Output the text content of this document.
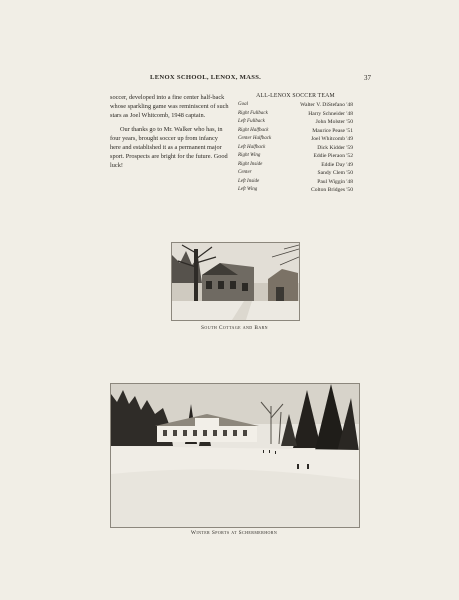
LENOX SCHOOL, LENOX, MASS.	37

soccer, developed into a fine center half-back whose sparkling game was reminiscent of such stars as Joel Whitcomb, 1948 captain.

Our thanks go to Mr. Walker who has, in four years, brought soccer up from infancy here and established it as a permanent major sport. Prospects are bright for the future. Good luck!

ALL-LENOX SOCCER TEAM
Goal	Walter V. DiStefano '48
Right Fullback	Harry Schneider '48
Left Fullback	John Molster '50
Right Halfback	Maurice Pease '51
Center Halfback	Joel Whitcomb '49
Left Halfback	Dick Kidder '59
Right Wing	Eddie Pieraon '52
Right Inside	Eddie Day '49
Center	Sandy Clem '50
Left Inside	Paul Wiggin '48
Left Wing	Colton Bridges '50
South Cottage and Barn
Winter Sports at Schermerhorn
